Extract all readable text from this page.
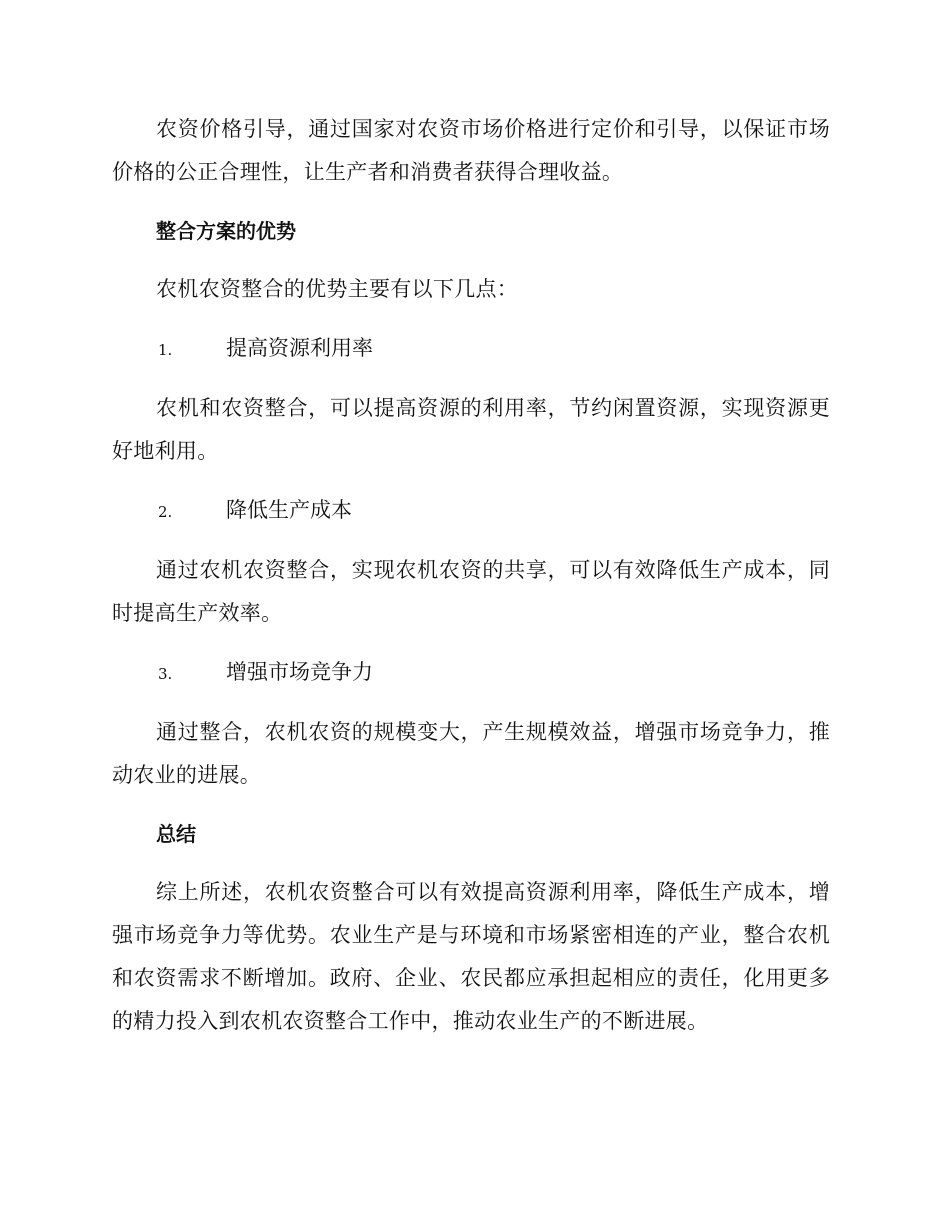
农资价格引导，通过国家对农资市场价格进行定价和引导，以保证市场价格的公正合理性，让生产者和消费者获得合理收益。

整合方案的优势

农机农资整合的优势主要有以下几点：

1.	提高资源利用率

农机和农资整合，可以提高资源的利用率，节约闲置资源，实现资源更好地利用。

2.	降低生产成本

通过农机农资整合，实现农机农资的共享，可以有效降低生产成本，同时提高生产效率。

3.	增强市场竞争力

通过整合，农机农资的规模变大，产生规模效益，增强市场竞争力，推动农业的进展。

总结

综上所述，农机农资整合可以有效提高资源利用率，降低生产成本，增强市场竞争力等优势。农业生产是与环境和市场紧密相连的产业，整合农机和农资需求不断增加。政府、企业、农民都应承担起相应的责任，化用更多的精力投入到农机农资整合工作中，推动农业生产的不断进展。
